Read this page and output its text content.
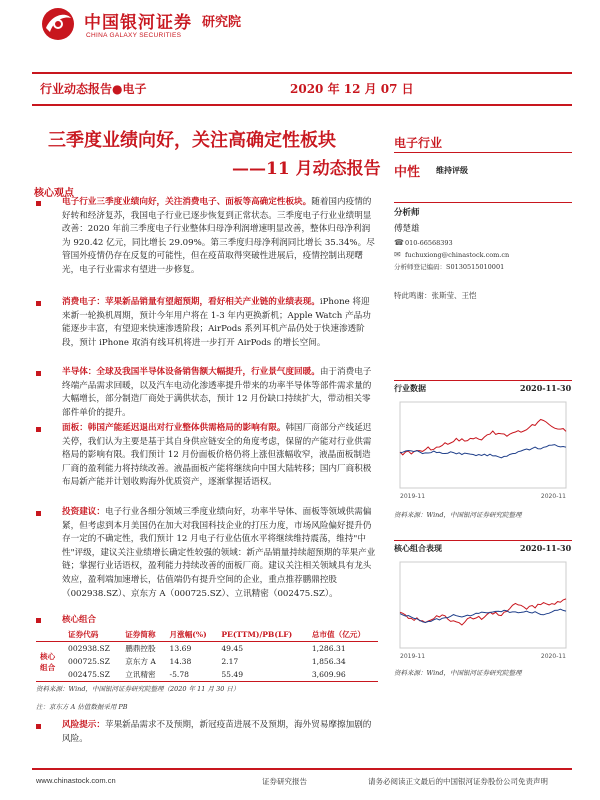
中国银河证券
CHINA GALAXY SECURITIES
研究院
行业动态报告●电子	2020 年 12 月 07 日
三季度业绩向好，关注高确定性板块
——11 月动态报告
电子行业
中性 维持评级
分析师
傅楚雄
☎ 010-66568393
✉ fuchuxiong@chinastock.com.cn
分析师登记编码：S0130515010001
特此鸣谢：张斯莹、王恺
行业数据	2020-11-30
2019-11	2020-11
资料来源：Wind，中国银河证券研究院整理
核心组合表现	2020-11-30
2019-11	2020-11
资料来源：Wind，中国银河证券研究院整理
核心观点
电子行业三季度业绩向好，关注消费电子、面板等高确定性板块。随着国内疫情的好转和经济复苏，我国电子行业已逐步恢复到正常状态。三季度电子行业业绩明显改善：2020 年前三季度电子行业整体归母净利润增速明显改善，整体归母净利润为 920.42 亿元，同比增长 29.09%。第三季度归母净利润同比增长 35.34%。尽管国外疫情仍存在反复的可能性，但在疫苗取得突破性进展后，疫情控制出现曙光，电子行业需求有望进一步修复。
消费电子：苹果新品销量有望超预期，看好相关产业链的业绩表现。iPhone 将迎来新一轮换机周期，预计今年用户将在 1-3 年内更换新机；Apple Watch 产品功能逐步丰富，有望迎来快速渗透阶段；AirPods 系列耳机产品仍处于快速渗透阶段，预计 iPhone 取消有线耳机将进一步打开 AirPods 的增长空间。
半导体：全球及我国半导体设备销售额大幅提升，行业景气度回暖。由于消费电子终端产品需求回暖，以及汽车电动化渗透率提升带来的功率半导体等部件需求量的大幅增长，部分制造厂商处于满供状态，预计 12 月份缺口持续扩大，带动相关零部件单价的提升。
面板：韩国产能延迟退出对行业整体供需格局的影响有限。韩国厂商部分产线延迟关停，我们认为主要是基于其自身供应链安全的角度考虑，保留的产能对行业供需格局的影响有限。我们预计 12 月份面板价格仍将上涨但涨幅收窄，液晶面板制造厂商的盈利能力将持续改善。液晶面板产能将继续向中国大陆转移；国内厂商积极布局新产能并计划收购海外优质资产，逐渐掌握话语权。
投资建议：电子行业各细分领域三季度业绩向好，功率半导体、面板等领域供需偏紧，但考虑到本月美国仍在加大对我国科技企业的打压力度，市场风险偏好提升仍存一定的不确定性，我们预计 12 月电子行业估值水平将继续维持震荡，维持"中性"评级，建议关注业绩增长确定性较强的领域：新产品销量持续超预期的苹果产业链；掌握行业话语权，盈利能力持续改善的面板厂商。建议关注相关领域具有龙头效应，盈利端加速增长，估值端仍有提升空间的企业，重点推荐鹏鼎控股（002938.SZ）、京东方 A（000725.SZ）、立讯精密（002475.SZ）。
核心组合
	证券代码	证券简称	月涨幅(%)	PE(TTM)/PB(LF)	总市值（亿元）
核心组合	002938.SZ	鹏鼎控股	13.69	49.45	1,286.31
	000725.SZ	京东方 A	14.38	2.17	1,856.34
	002475.SZ	立讯精密	-5.78	55.49	3,609.96
资料来源：Wind，中国银河证券研究院整理（2020 年 11 月 30 日）
注：京东方 A 估值数据采用 PB
风险提示：苹果新品需求不及预期，新冠疫苗进展不及预期，海外贸易摩擦加剧的风险。
www.chinastock.com.cn	证券研究报告	请务必阅读正文最后的中国银河证券股份公司免责声明
